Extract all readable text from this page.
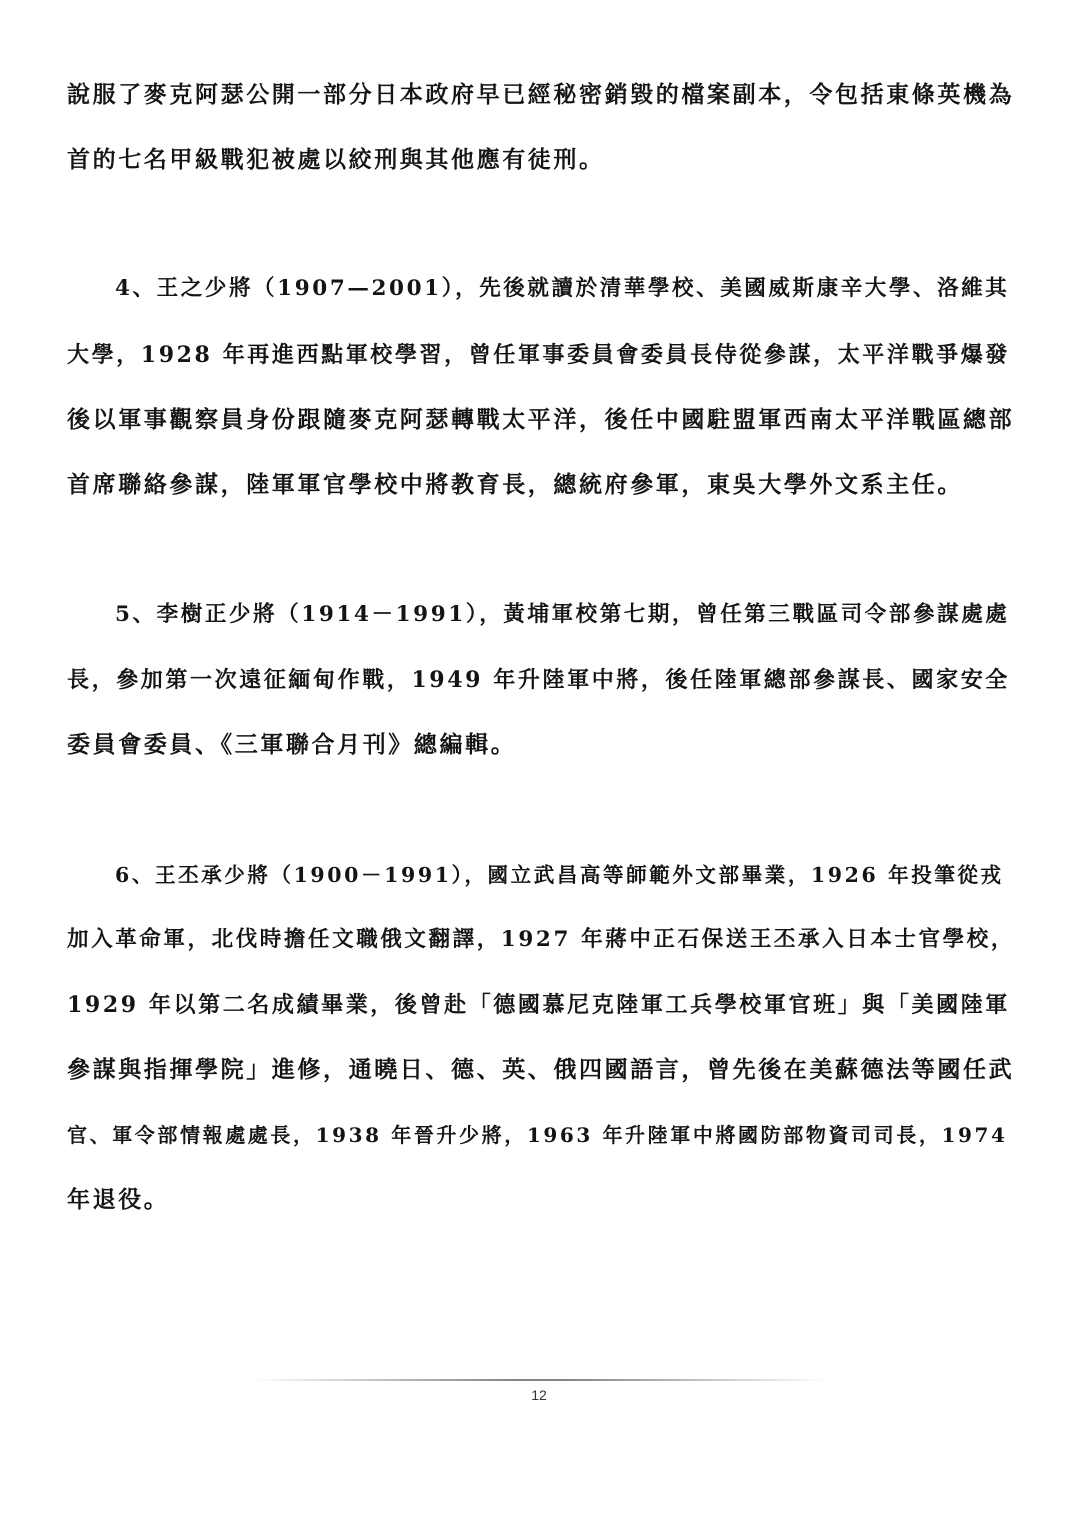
說服了麥克阿瑟公開一部分日本政府早已經秘密銷毀的檔案副本，令包括東條英機為
首的七名甲級戰犯被處以絞刑與其他應有徒刑。
4、王之少將（1907—2001），先後就讀於清華學校、美國威斯康辛大學、洛維其
大學，1928 年再進西點軍校學習，曾任軍事委員會委員長侍從參謀，太平洋戰爭爆發
後以軍事觀察員身份跟隨麥克阿瑟轉戰太平洋，後任中國駐盟軍西南太平洋戰區總部
首席聯絡參謀，陸軍軍官學校中將教育長，總統府參軍，東吳大學外文系主任。
5、李樹正少將（1914－1991），黃埔軍校第七期，曾任第三戰區司令部參謀處處
長，參加第一次遠征緬甸作戰，1949 年升陸軍中將，後任陸軍總部參謀長、國家安全
委員會委員、《三軍聯合月刊》總編輯。
6、王丕承少將（1900－1991），國立武昌高等師範外文部畢業，1926 年投筆從戎
加入革命軍，北伐時擔任文職俄文翻譯，1927 年蔣中正石保送王丕承入日本士官學校，
1929 年以第二名成績畢業，後曾赴「德國慕尼克陸軍工兵學校軍官班」與「美國陸軍
參謀與指揮學院」進修，通曉日、德、英、俄四國語言，曾先後在美蘇德法等國任武
官、軍令部情報處處長，1938 年晉升少將，1963 年升陸軍中將國防部物資司司長，1974
年退役。
12
